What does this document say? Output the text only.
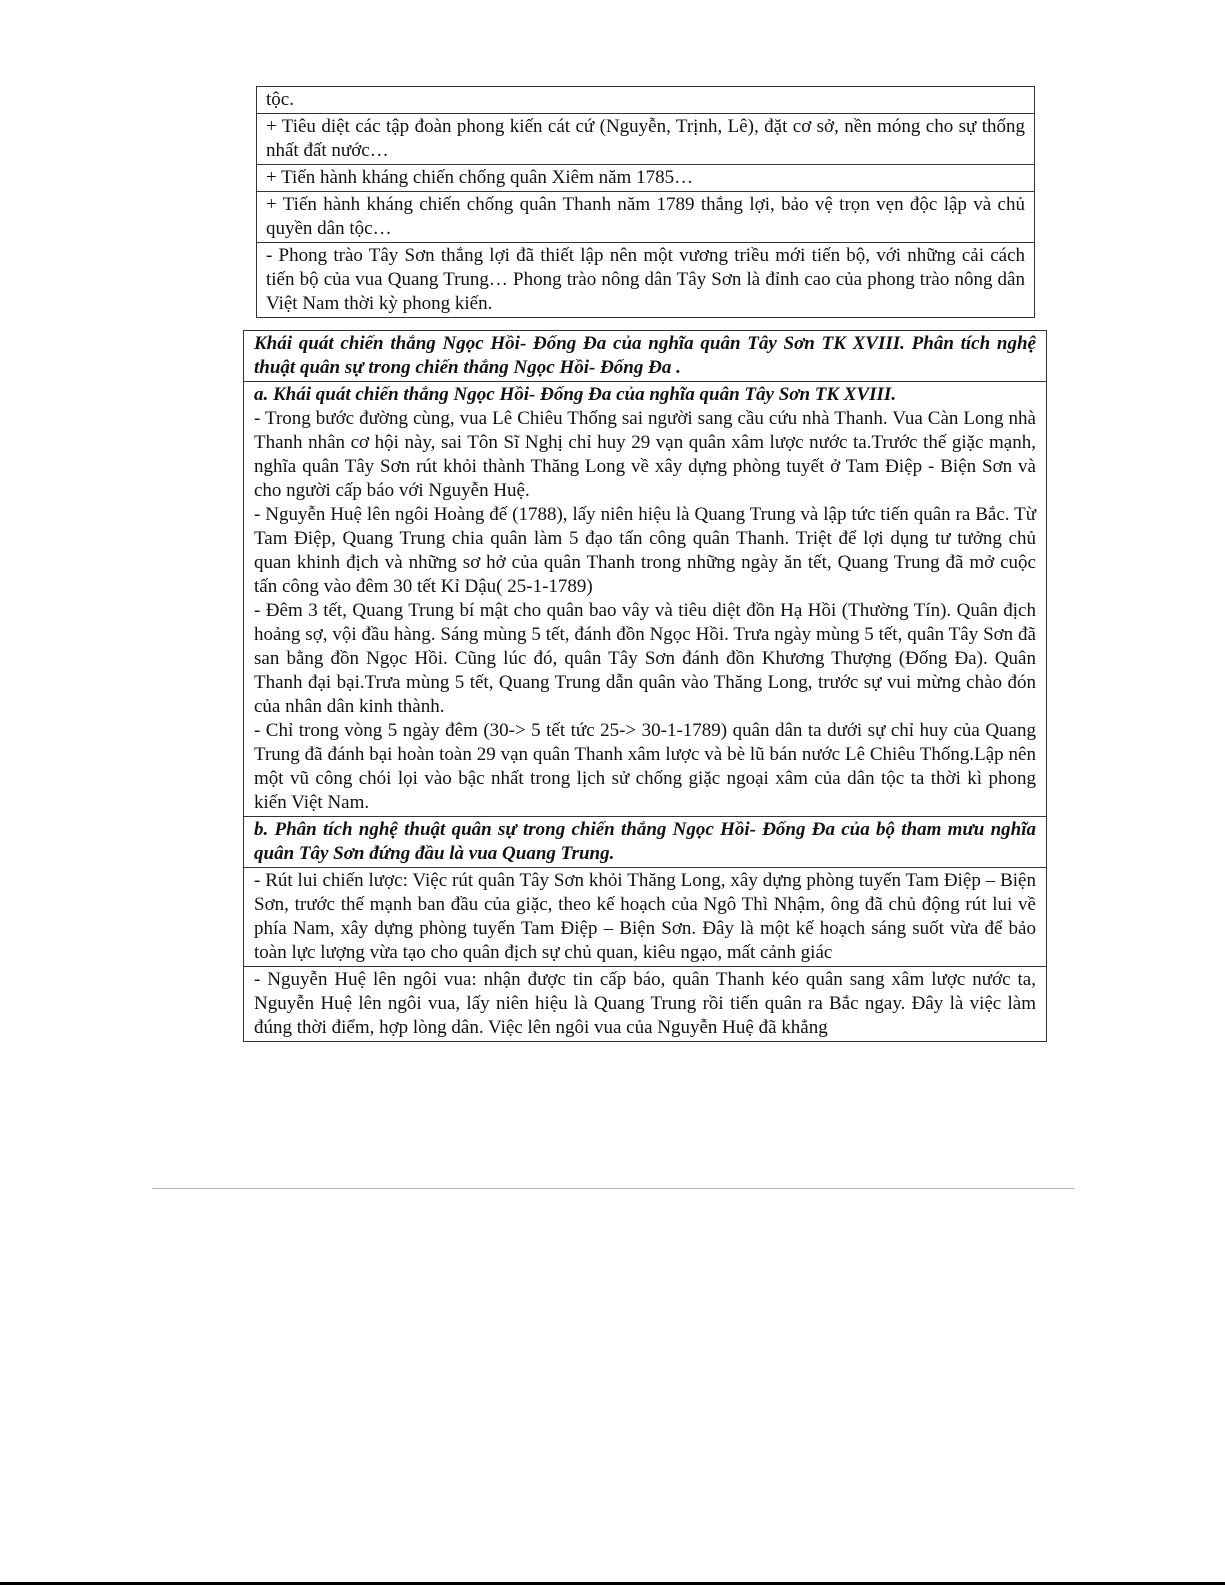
tộc.
+ Tiêu diệt các tập đoàn phong kiến cát cứ (Nguyễn, Trịnh, Lê), đặt cơ sở, nền móng cho sự thống nhất đất nước…
+ Tiến hành kháng chiến chống quân Xiêm năm 1785…
+ Tiến hành kháng chiến chống quân Thanh năm 1789 thắng lợi, bảo vệ trọn vẹn độc lập và chủ quyền dân tộc…
- Phong trào Tây Sơn thắng lợi đã thiết lập nên một vương triều mới tiến bộ, với những cải cách tiến bộ của vua Quang Trung… Phong trào nông dân Tây Sơn là đỉnh cao của phong trào nông dân Việt Nam thời kỳ phong kiến.
Khái quát chiến thắng Ngọc Hồi- Đống Đa của nghĩa quân Tây Sơn TK XVIII. Phân tích nghệ thuật quân sự trong chiến thắng Ngọc Hồi- Đống Đa .

a. Khái quát chiến thắng Ngọc Hồi- Đống Đa của nghĩa quân Tây Sơn TK XVIII.
- Trong bước đường cùng, vua Lê Chiêu Thống sai người sang cầu cứu nhà Thanh. Vua Càn Long nhà Thanh nhân cơ hội này, sai Tôn Sĩ Nghị chỉ huy 29 vạn quân xâm lược nước ta.Trước thế giặc mạnh, nghĩa quân Tây Sơn rút khỏi thành Thăng Long về xây dựng phòng tuyết ở Tam Điệp - Biện Sơn và cho người cấp báo với Nguyễn Huệ.
- Nguyễn Huệ lên ngôi Hoàng đế (1788), lấy niên hiệu là Quang Trung và lập tức tiến quân ra Bắc. Từ Tam Điệp, Quang Trung chia quân làm 5 đạo tấn công quân Thanh. Triệt để lợi dụng tư tưởng chủ quan khinh địch và những sơ hở của quân Thanh trong những ngày ăn tết, Quang Trung đã mở cuộc tấn công vào đêm 30 tết Kỉ Dậu( 25-1-1789)
- Đêm 3 tết, Quang Trung bí mật cho quân bao vây và tiêu diệt đồn Hạ Hồi (Thường Tín). Quân địch hoảng sợ, vội đầu hàng. Sáng mùng 5 tết, đánh đồn Ngọc Hồi. Trưa ngày mùng 5 tết, quân Tây Sơn đã san bằng đồn Ngọc Hồi. Cũng lúc đó, quân Tây Sơn đánh đồn Khương Thượng (Đống Đa). Quân Thanh đại bại.Trưa mùng 5 tết, Quang Trung dẫn quân vào Thăng Long, trước sự vui mừng chào đón của nhân dân kinh thành.
- Chỉ trong vòng 5 ngày đêm (30-> 5 tết tức 25-> 30-1-1789) quân dân ta dưới sự chỉ huy của Quang Trung đã đánh bại hoàn toàn 29 vạn quân Thanh xâm lược và bè lũ bán nước Lê Chiêu Thống.Lập nên một vũ công chói lọi vào bậc nhất trong lịch sử chống giặc ngoại xâm của dân tộc ta thời kì phong kiến Việt Nam.

b. Phân tích nghệ thuật quân sự trong chiến thắng Ngọc Hồi- Đống Đa của bộ tham mưu nghĩa quân Tây Sơn đứng đầu là vua Quang Trung.
- Rút lui chiến lược: Việc rút quân Tây Sơn khỏi Thăng Long, xây dựng phòng tuyến Tam Điệp – Biện Sơn, trước thế mạnh ban đầu của giặc, theo kế hoạch của Ngô Thì Nhậm, ông đã chủ động rút lui về phía Nam, xây dựng phòng tuyến Tam Điệp – Biện Sơn. Đây là một kế hoạch sáng suốt vừa để bảo toàn lực lượng vừa tạo cho quân địch sự chủ quan, kiêu ngạo, mất cảnh giác

- Nguyễn Huệ lên ngôi vua: nhận được tin cấp báo, quân Thanh kéo quân sang xâm lược nước ta, Nguyễn Huệ lên ngôi vua, lấy niên hiệu là Quang Trung rồi tiến quân ra Bắc ngay. Đây là việc làm đúng thời điểm, hợp lòng dân. Việc lên ngôi vua của Nguyễn Huệ đã khẳng
